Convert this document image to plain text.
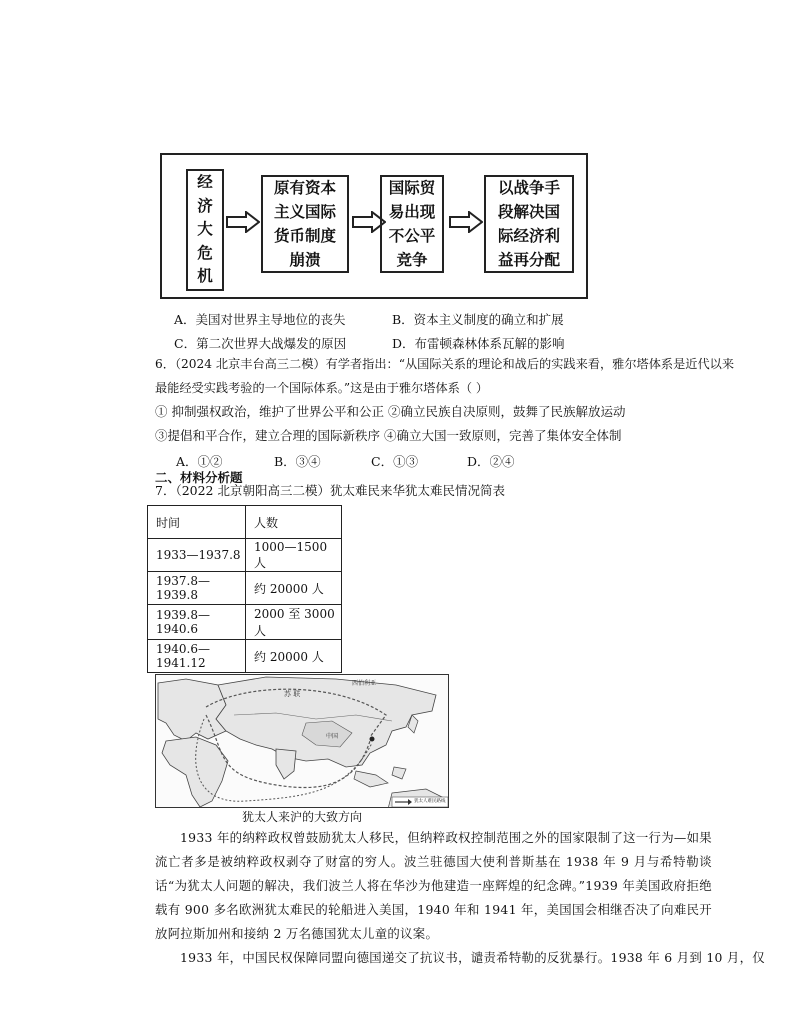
经
济
大
危
机
原有资本
主义国际
货币制度
崩溃
国际贸
易出现
不公平
竞争
以战争手
段解决国
际经济利
益再分配
A．美国对世界主导地位的丧失	B．资本主义制度的确立和扩展
C．第二次世界大战爆发的原因	D．布雷顿森林体系瓦解的影响
6．（2024 北京丰台高三二模）有学者指出：“从国际关系的理论和战后的实践来看，雅尔塔体系是近代以来
最能经受实践考验的一个国际体系。”这是由于雅尔塔体系（ ）
① 抑制强权政治，维护了世界公平和公正 ②确立民族自决原则，鼓舞了民族解放运动
③提倡和平合作，建立合理的国际新秩序 ④确立大国一致原则，完善了集体安全体制
A．①②	B．③④	C．①③	D．②④
二、材料分析题
7．（2022 北京朝阳高三二模）犹太难民来华犹太难民情况简表
时间	人数
1933—1937.8	1000—1500 人
1937.8—1939.8	约 20000 人
1939.8—1940.6	2000 至 3000 人
1940.6—1941.12	约 20000 人
苏 联
西伯利亚
中国
犹太人难民路线
犹太人来沪的大致方向
1933 年的纳粹政权曾鼓励犹太人移民，但纳粹政权控制范围之外的国家限制了这一行为—如果流亡者多是被纳粹政权剥夺了财富的穷人。波兰驻德国大使利普斯基在 1938 年 9 月与希特勒谈话“为犹太人问题的解决，我们波兰人将在华沙为他建造一座辉煌的纪念碑。”1939 年美国政府拒绝载有 900 多名欧洲犹太难民的轮船进入美国，1940 年和 1941 年，美国国会相继否决了向难民开放阿拉斯加州和接纳 2 万名德国犹太儿童的议案。
1933 年，中国民权保障同盟向德国递交了抗议书，谴责希特勒的反犹暴行。1938 年 6 月到 10 月，仅
